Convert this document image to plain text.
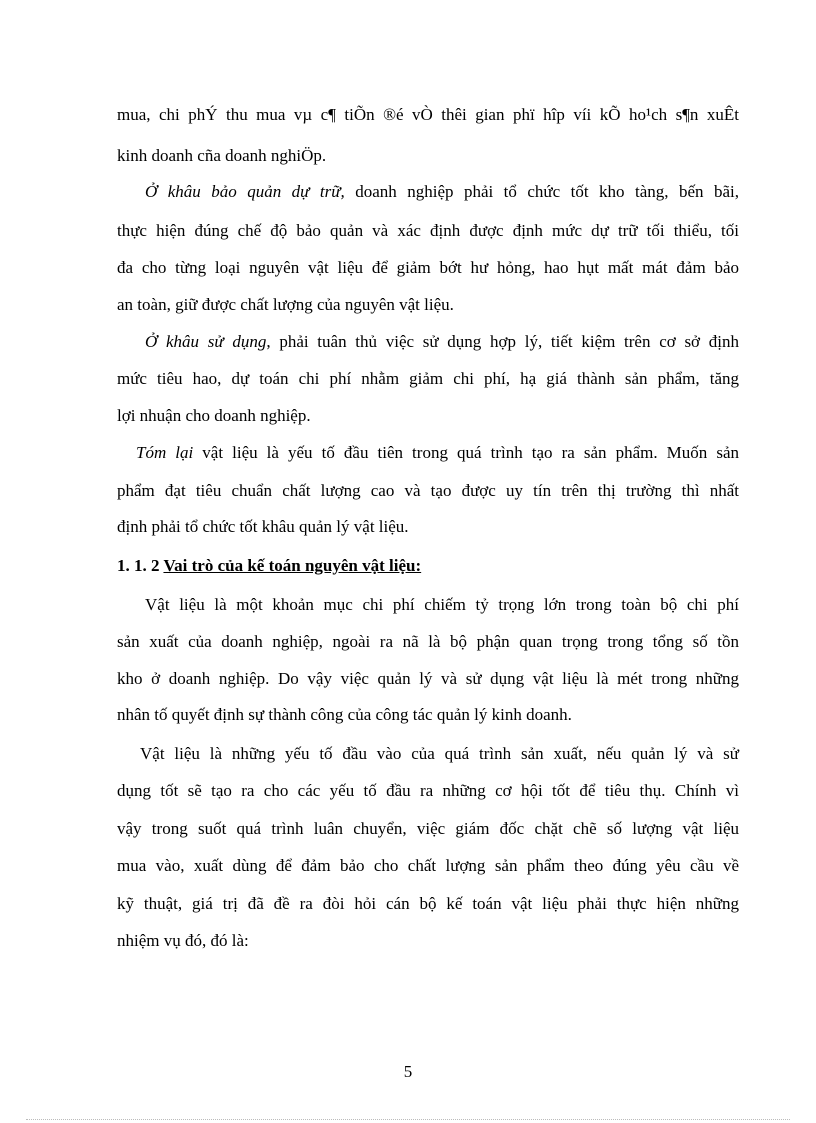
mua, chi phÝ thu mua vµ c¶ tiÕn ®é vÒ thêi gian phï hîp víi kÕ ho¹ch s¶n xuÊt
kinh doanh cña doanh nghiÖp.
Ở khâu bảo quản dự trữ, doanh nghiệp phải tổ chức tốt kho tàng, bến bãi,
thực hiện đúng chế độ bảo quản và xác định được định mức dự trữ tối thiểu, tối
đa cho từng loại nguyên vật liệu để giảm bớt hư hỏng, hao hụt mất mát đảm bảo
an toàn, giữ được chất lượng của nguyên vật liệu.
Ở khâu sử dụng, phải tuân thủ việc sử dụng hợp lý, tiết kiệm trên cơ sở định
mức tiêu hao, dự toán chi phí nhằm giảm chi phí, hạ giá thành sản phẩm, tăng
lợi nhuận cho doanh nghiệp.
Tóm lại vật liệu là yếu tố đầu tiên trong quá trình tạo ra sản phẩm. Muốn sản
phẩm đạt tiêu chuẩn chất lượng cao và tạo được uy tín trên thị trường thì nhất
định phải tổ chức tốt khâu quản lý vật liệu.
1. 1. 2 Vai trò của kế toán nguyên vật liệu:
Vật liệu là một khoản mục chi phí chiếm tỷ trọng lớn trong toàn bộ chi phí
sản xuất của doanh nghiệp, ngoài ra nã là bộ phận quan trọng trong tổng số tồn
kho ở doanh nghiệp. Do vậy việc quản lý và sử dụng vật liệu là mét trong những
nhân tố quyết định sự thành công của công tác quản lý kinh doanh.
Vật liệu là những yếu tố đầu vào của quá trình sản xuất, nếu quản lý và sử
dụng tốt sẽ tạo ra cho các yếu tố đầu ra những cơ hội tốt để tiêu thụ. Chính vì
vậy trong suốt quá trình luân chuyển, việc giám đốc chặt chẽ số lượng vật liệu
mua vào, xuất dùng để đảm bảo cho chất lượng sản phẩm theo đúng yêu cầu về
kỹ thuật, giá trị đã đề ra đòi hỏi cán bộ kế toán vật liệu phải thực hiện những
nhiệm vụ đó, đó là:
5
